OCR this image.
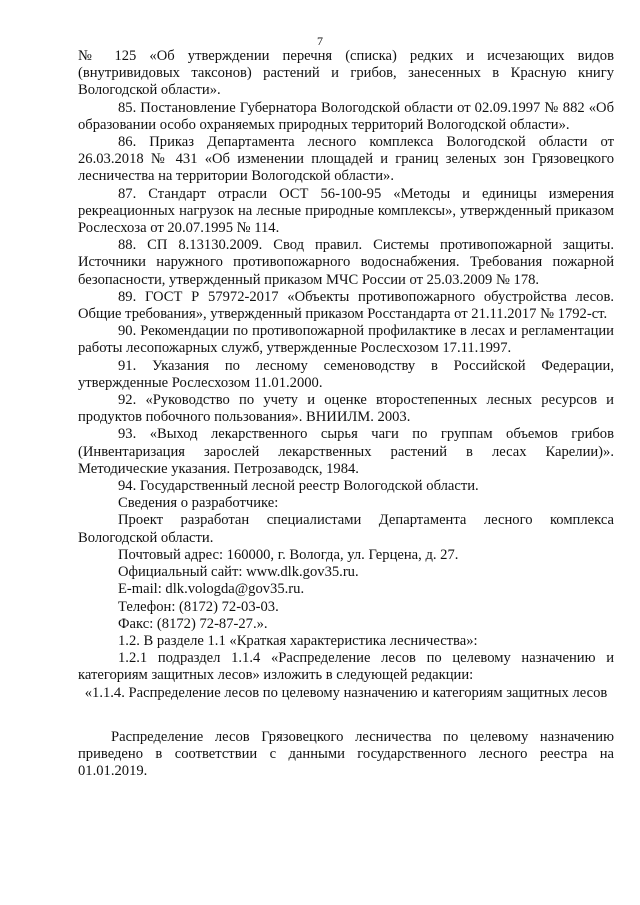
7

№ 125 «Об утверждении перечня (списка) редких и исчезающих видов (внутривидовых таксонов) растений и грибов, занесенных в Красную книгу Вологодской области».

85. Постановление Губернатора Вологодской области от 02.09.1997 № 882 «Об образовании особо охраняемых природных территорий Вологодской области».

86. Приказ Департамента лесного комплекса Вологодской области от 26.03.2018 № 431 «Об изменении площадей и границ зеленых зон Грязовецкого лесничества на территории Вологодской области».

87. Стандарт отрасли ОСТ 56-100-95 «Методы и единицы измерения рекреационных нагрузок на лесные природные комплексы», утвержденный приказом Рослесхоза от 20.07.1995 № 114.

88. СП 8.13130.2009. Свод правил. Системы противопожарной защиты. Источники наружного противопожарного водоснабжения. Требования пожарной безопасности, утвержденный приказом МЧС России от 25.03.2009 № 178.

89. ГОСТ Р 57972-2017 «Объекты противопожарного обустройства лесов. Общие требования», утвержденный приказом Росстандарта от 21.11.2017 № 1792-ст.

90. Рекомендации по противопожарной профилактике в лесах и регламентации работы лесопожарных служб, утвержденные Рослесхозом 17.11.1997.

91. Указания по лесному семеноводству в Российской Федерации, утвержденные Рослесхозом 11.01.2000.

92. «Руководство по учету и оценке второстепенных лесных ресурсов и продуктов побочного пользования». ВНИИЛМ. 2003.

93. «Выход лекарственного сырья чаги по группам объемов грибов (Инвентаризация зарослей лекарственных растений в лесах Карелии)». Методические указания. Петрозаводск, 1984.

94. Государственный лесной реестр Вологодской области.

Сведения о разработчике:

Проект разработан специалистами Департамента лесного комплекса Вологодской области.

Почтовый адрес: 160000, г. Вологда, ул. Герцена, д. 27.

Официальный сайт: www.dlk.gov35.ru.

E-mail: dlk.vologda@gov35.ru.

Телефон: (8172) 72-03-03.

Факс: (8172) 72-87-27.».

1.2. В разделе 1.1 «Краткая характеристика лесничества»:

1.2.1 подраздел 1.1.4 «Распределение лесов по целевому назначению и категориям защитных лесов» изложить в следующей редакции:

«1.1.4. Распределение лесов по целевому назначению и категориям защитных лесов

Распределение лесов Грязовецкого лесничества по целевому назначению приведено в соответствии с данными государственного лесного реестра на 01.01.2019.
